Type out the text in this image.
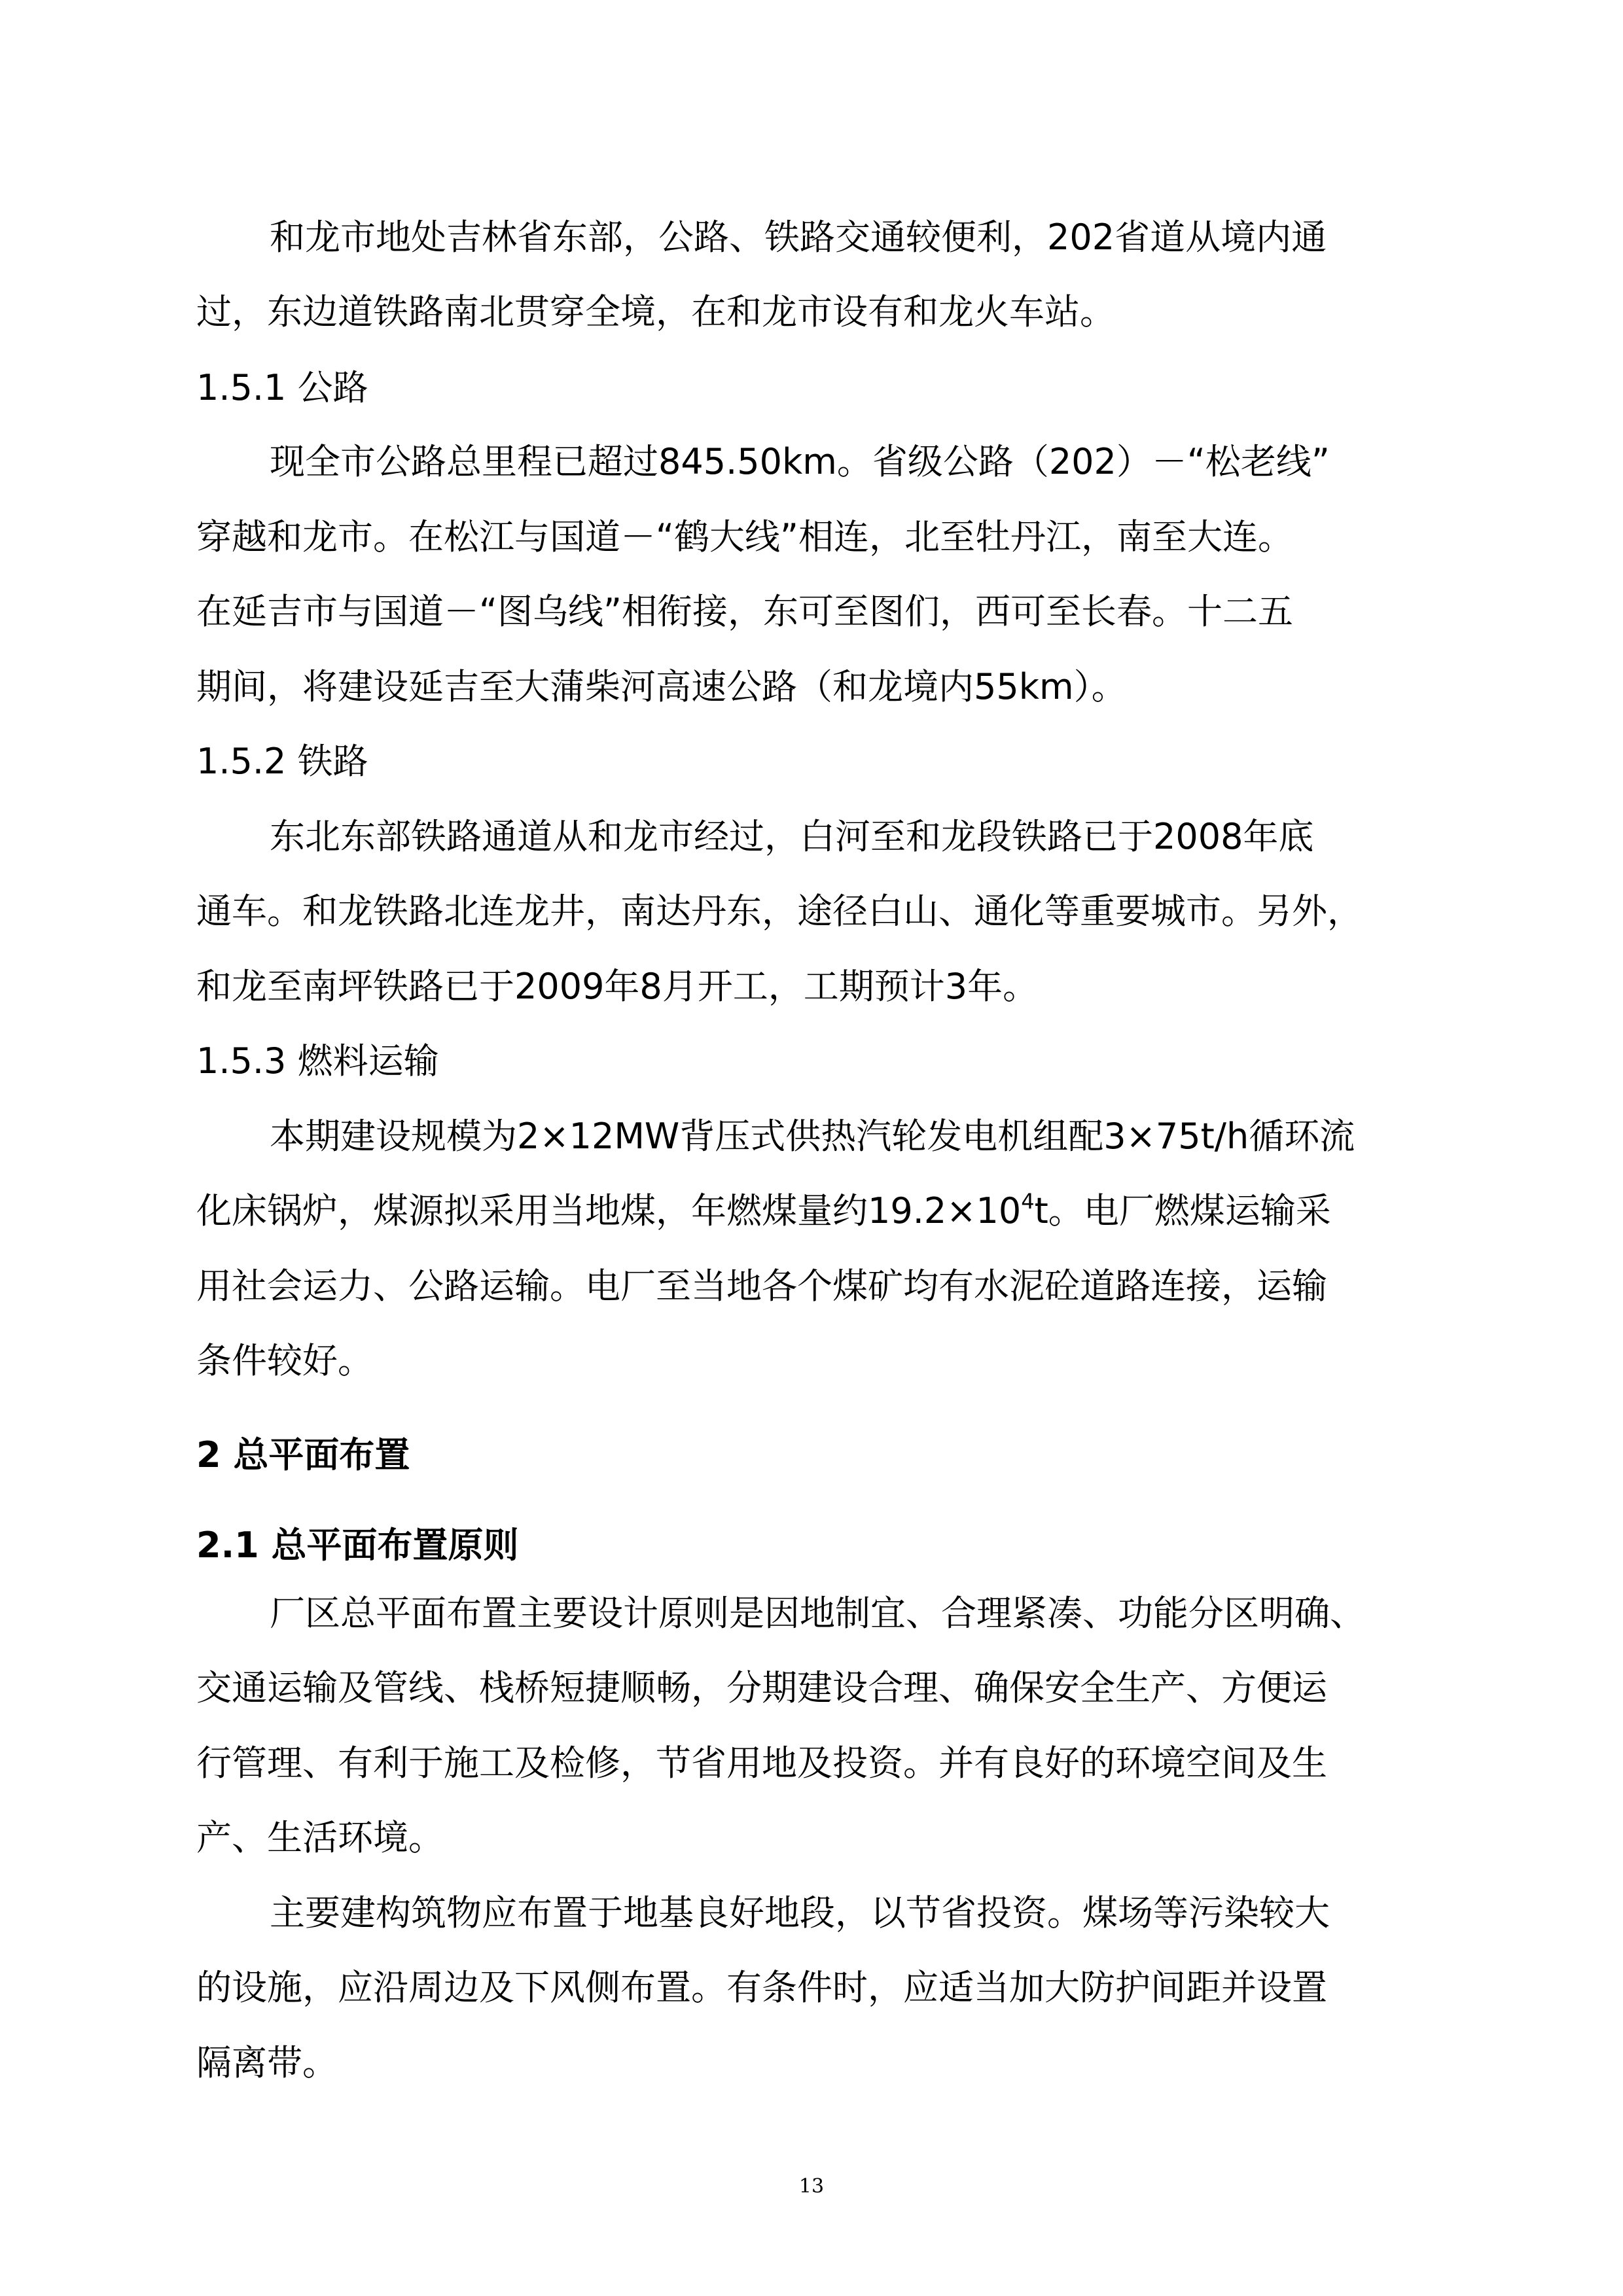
和龙市地处吉林省东部，公路、铁路交通较便利，202省道从境内通
过，东边道铁路南北贯穿全境，在和龙市设有和龙火车站。
1.5.1 公路
现全市公路总里程已超过845.50km。省级公路（202）－“松老线”
穿越和龙市。在松江与国道－“鹤大线”相连，北至牡丹江，南至大连。
在延吉市与国道－“图乌线”相衔接，东可至图们，西可至长春。十二五
期间，将建设延吉至大蒲柴河高速公路（和龙境内55km）。
1.5.2 铁路
东北东部铁路通道从和龙市经过，白河至和龙段铁路已于2008年底
通车。和龙铁路北连龙井，南达丹东，途径白山、通化等重要城市。另外，
和龙至南坪铁路已于2009年8月开工，工期预计3年。
1.5.3 燃料运输
本期建设规模为2×12MW背压式供热汽轮发电机组配3×75t/h循环流
化床锅炉，煤源拟采用当地煤，年燃煤量约$19.2\times 10^4t$。电厂燃煤运输采
用社会运力、公路运输。电厂至当地各个煤矿均有水泥砼道路连接，运输
条件较好。
2 总平面布置
2.1 总平面布置原则
厂区总平面布置主要设计原则是因地制宜、合理紧凑、功能分区明确、
交通运输及管线、栈桥短捷顺畅，分期建设合理、确保安全生产、方便运
行管理、有利于施工及检修，节省用地及投资。并有良好的环境空间及生
产、生活环境。
主要建构筑物应布置于地基良好地段，以节省投资。煤场等污染较大
的设施，应沿周边及下风侧布置。有条件时，应适当加大防护间距并设置
隔离带。
13
